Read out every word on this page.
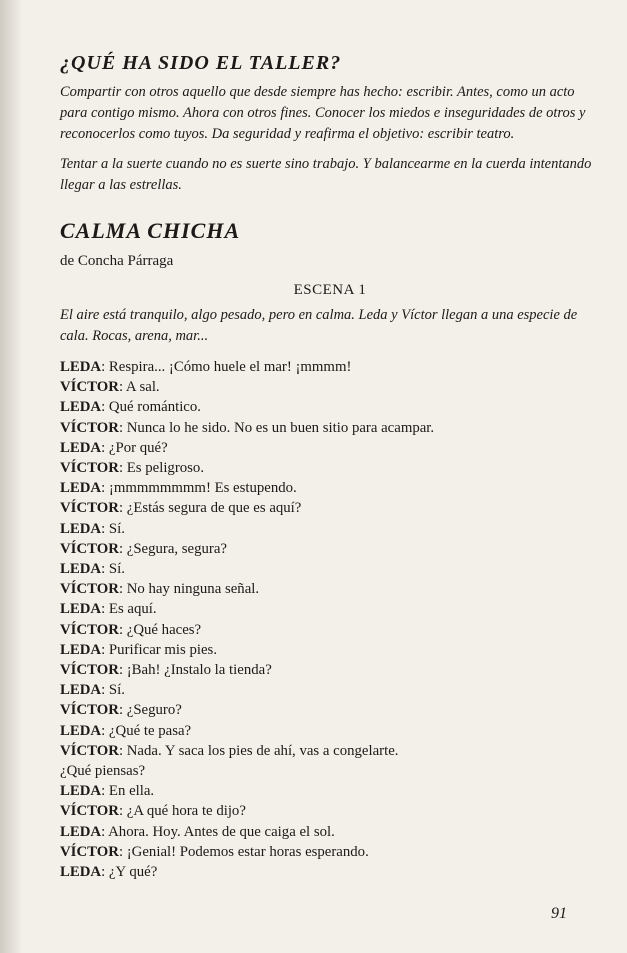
¿QUÉ HA SIDO EL TALLER?

Compartir con otros aquello que desde siempre has hecho: escribir. Antes, como un acto para contigo mismo. Ahora con otros fines. Conocer los miedos e inseguridades de otros y reconocerlos como tuyos. Da seguridad y reafirma el objetivo: escribir teatro.

Tentar a la suerte cuando no es suerte sino trabajo. Y balancearme en la cuerda intentando llegar a las estrellas.

CALMA CHICHA

de Concha Párraga

ESCENA 1

El aire está tranquilo, algo pesado, pero en calma. Leda y Víctor llegan a una especie de cala. Rocas, arena, mar...

LEDA: Respira... ¡Cómo huele el mar! ¡mmmm!

VÍCTOR: A sal.

LEDA: Qué romántico.

VÍCTOR: Nunca lo he sido. No es un buen sitio para acampar.

LEDA: ¿Por qué?

VÍCTOR: Es peligroso.

LEDA: ¡mmmmmmmm! Es estupendo.

VÍCTOR: ¿Estás segura de que es aquí?

LEDA: Sí.

VÍCTOR: ¿Segura, segura?

LEDA: Sí.

VÍCTOR: No hay ninguna señal.

LEDA: Es aquí.

VÍCTOR: ¿Qué haces?

LEDA: Purificar mis pies.

VÍCTOR: ¡Bah! ¿Instalo la tienda?

LEDA: Sí.

VÍCTOR: ¿Seguro?

LEDA: ¿Qué te pasa?

VÍCTOR: Nada. Y saca los pies de ahí, vas a congelarte.

¿Qué piensas?

LEDA: En ella.

VÍCTOR: ¿A qué hora te dijo?

LEDA: Ahora. Hoy. Antes de que caiga el sol.

VÍCTOR: ¡Genial! Podemos estar horas esperando.

LEDA: ¿Y qué?

91
